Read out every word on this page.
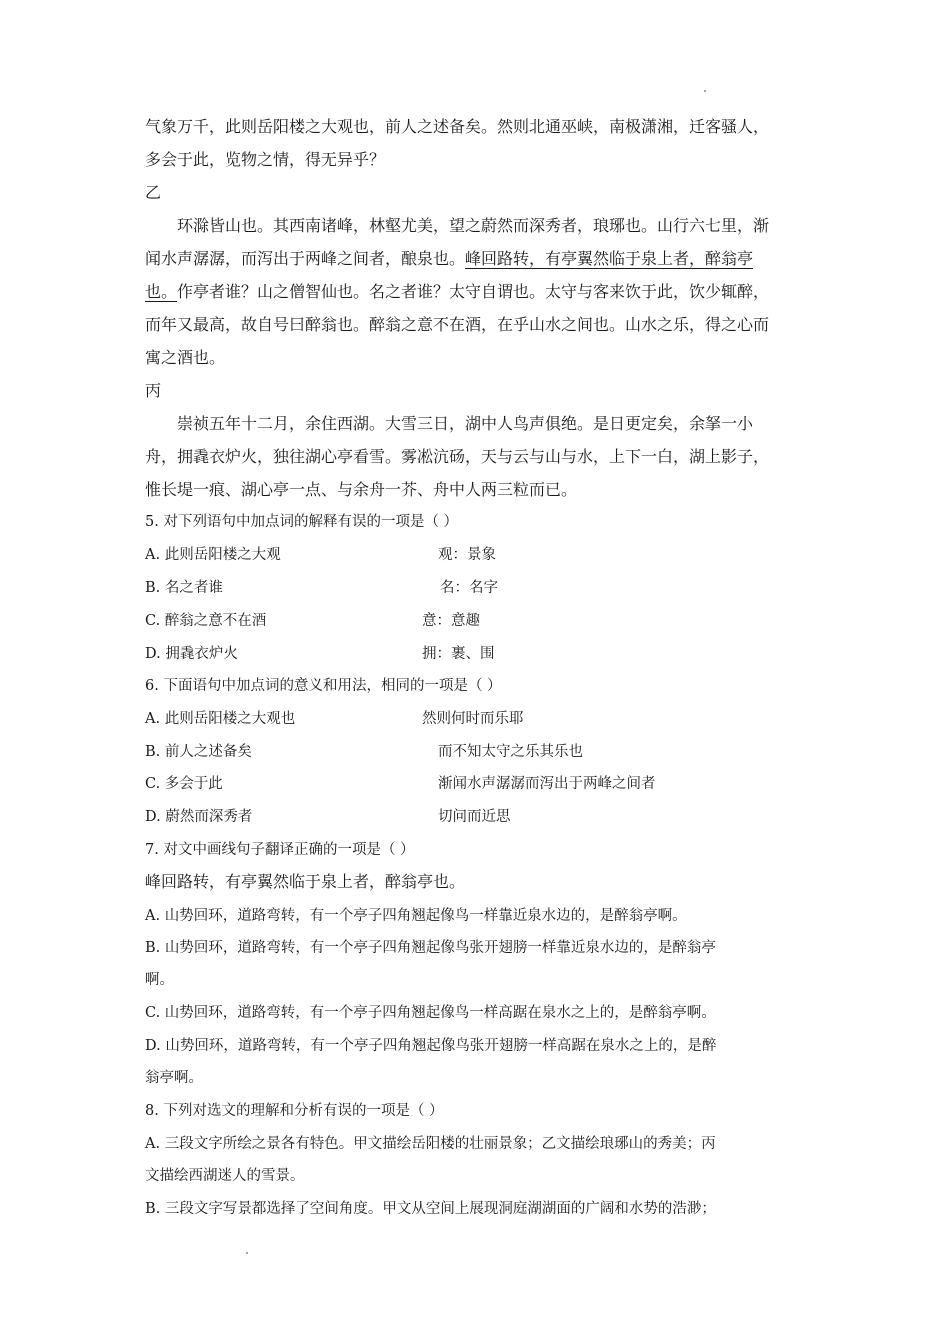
气象万千，此则岳阳楼之大观也，前人之述备矣。然则北通巫峡，南极潇湘，迁客骚人，
多会于此，览物之情，得无异乎？
乙
环滁皆山也。其西南诸峰，林壑尤美，望之蔚然而深秀者，琅琊也。山行六七里，渐
闻水声潺潺，而泻出于两峰之间者，酿泉也。峰回路转，有亭翼然临于泉上者，醉翁亭
也。作亭者谁？山之僧智仙也。名之者谁？太守自谓也。太守与客来饮于此，饮少辄醉，
而年又最高，故自号曰醉翁也。醉翁之意不在酒，在乎山水之间也。山水之乐，得之心而
寓之酒也。
丙
崇祯五年十二月，余住西湖。大雪三日，湖中人鸟声俱绝。是日更定矣，余拏一小
舟，拥毳衣炉火，独往湖心亭看雪。雾凇沆砀，天与云与山与水，上下一白，湖上影子，
惟长堤一痕、湖心亭一点、与余舟一芥、舟中人两三粒而已。
5. 对下列语句中加点词的解释有误的一项是（ ）
A. 此则岳阳楼之大观	观：景象
B. 名之者谁	名：名字
C. 醉翁之意不在酒	意：意趣
D. 拥毳衣炉火	拥：裹、围
6. 下面语句中加点词的意义和用法，相同的一项是（ ）
A. 此则岳阳楼之大观也	然则何时而乐耶
B. 前人之述备矣	而不知太守之乐其乐也
C. 多会于此	渐闻水声潺潺而泻出于两峰之间者
D. 蔚然而深秀者	切问而近思
7. 对文中画线句子翻译正确的一项是（ ）
峰回路转，有亭翼然临于泉上者，醉翁亭也。
A. 山势回环，道路弯转，有一个亭子四角翘起像鸟一样靠近泉水边的，是醉翁亭啊。
B. 山势回环，道路弯转，有一个亭子四角翘起像鸟张开翅膀一样靠近泉水边的，是醉翁亭
啊。
C. 山势回环，道路弯转，有一个亭子四角翘起像鸟一样高踞在泉水之上的，是醉翁亭啊。
D. 山势回环，道路弯转，有一个亭子四角翘起像鸟张开翅膀一样高踞在泉水之上的，是醉
翁亭啊。
8. 下列对选文的理解和分析有误的一项是（ ）
A. 三段文字所绘之景各有特色。甲文描绘岳阳楼的壮丽景象；乙文描绘琅琊山的秀美；丙
文描绘西湖迷人的雪景。
B. 三段文字写景都选择了空间角度。甲文从空间上展现洞庭湖湖面的广阔和水势的浩渺；
